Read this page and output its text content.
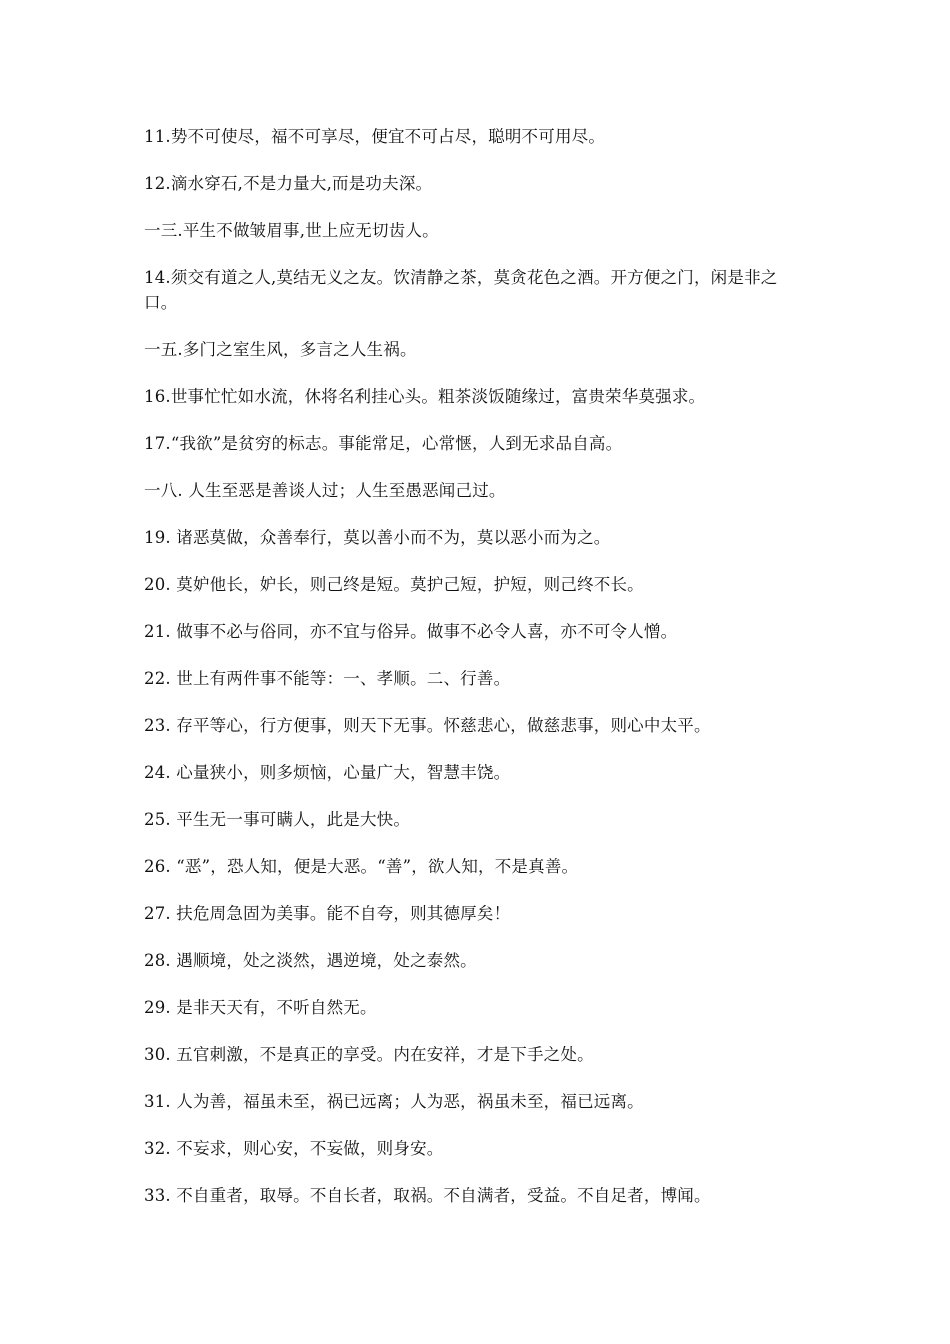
11.势不可使尽，福不可享尽，便宜不可占尽，聪明不可用尽。

12.滴水穿石,不是力量大,而是功夫深。

一三.平生不做皱眉事,世上应无切齿人。

14.须交有道之人,莫结无义之友。饮清静之茶，莫贪花色之酒。开方便之门，闲是非之口。

一五.多门之室生风，多言之人生祸。

16.世事忙忙如水流，休将名利挂心头。粗茶淡饭随缘过，富贵荣华莫强求。

17.“我欲”是贫穷的标志。事能常足，心常惬，人到无求品自高。

一八. 人生至恶是善谈人过；人生至愚恶闻己过。

19. 诸恶莫做，众善奉行，莫以善小而不为，莫以恶小而为之。

20. 莫妒他长，妒长，则己终是短。莫护己短，护短，则己终不长。

21. 做事不必与俗同，亦不宜与俗异。做事不必令人喜，亦不可令人憎。

22. 世上有两件事不能等：一、孝顺。二、行善。

23. 存平等心，行方便事，则天下无事。怀慈悲心，做慈悲事，则心中太平。

24. 心量狭小，则多烦恼，心量广大，智慧丰饶。

25. 平生无一事可瞒人，此是大快。

26. “恶”，恐人知，便是大恶。“善”，欲人知，不是真善。

27. 扶危周急固为美事。能不自夸，则其德厚矣！

28. 遇顺境，处之淡然，遇逆境，处之泰然。

29. 是非天天有，不听自然无。

30. 五官刺激，不是真正的享受。内在安祥，才是下手之处。

31. 人为善，福虽未至，祸已远离；人为恶，祸虽未至，福已远离。

32. 不妄求，则心安，不妄做，则身安。

33. 不自重者，取辱。不自长者，取祸。不自满者，受益。不自足者，博闻。
